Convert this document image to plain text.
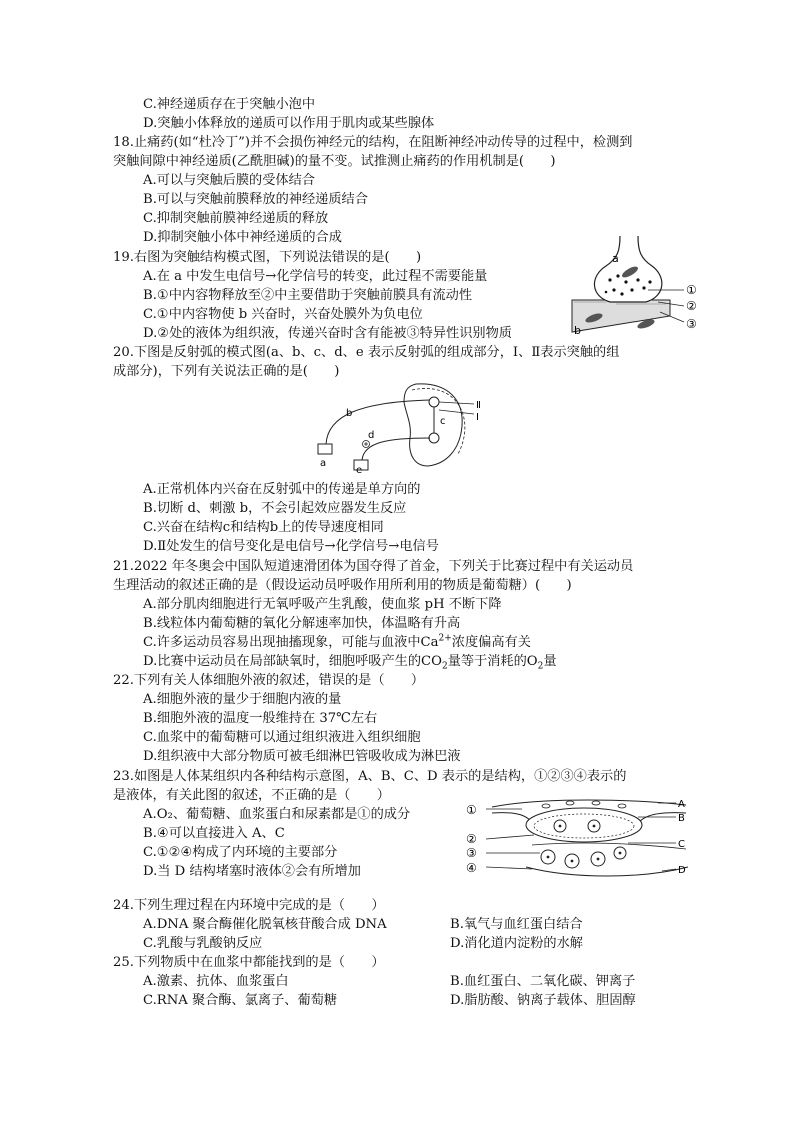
C.神经递质存在于突触小泡中
D.突触小体释放的递质可以作用于肌肉或某些腺体
18.止痛药(如“杜冷丁”)并不会损伤神经元的结构，在阻断神经冲动传导的过程中，检测到
突触间隙中神经递质(乙酰胆碱)的量不变。试推测止痛药的作用机制是(　　)
A.可以与突触后膜的受体结合
B.可以与突触前膜释放的神经递质结合
C.抑制突触前膜神经递质的释放
D.抑制突触小体中神经递质的合成
19.右图为突触结构模式图，下列说法错误的是(　　)
A.在 a 中发生电信号→化学信号的转变，此过程不需要能量
B.①中内容物释放至②中主要借助于突触前膜具有流动性
C.①中内容物使 b 兴奋时，兴奋处膜外为负电位
D.②处的液体为组织液，传递兴奋时含有能被③特异性识别物质
a
b
①
②
③
20.下图是反射弧的模式图(a、b、c、d、e 表示反射弧的组成部分，Ⅰ、Ⅱ表示突触的组
成部分)，下列有关说法正确的是(　　)
b
c
d
a
e
Ⅱ
Ⅰ
A.正常机体内兴奋在反射弧中的传递是单方向的
B.切断 d、刺激 b，不会引起效应器发生反应
C.兴奋在结构c和结构b上的传导速度相同
D.Ⅱ处发生的信号变化是电信号→化学信号→电信号
21.2022 年冬奥会中国队短道速滑团体为国夺得了首金，下列关于比赛过程中有关运动员
生理活动的叙述正确的是（假设运动员呼吸作用所利用的物质是葡萄糖）(　　)
A.部分肌肉细胞进行无氧呼吸产生乳酸，使血浆 pH 不断下降
B.线粒体内葡萄糖的氧化分解速率加快，体温略有升高
C.许多运动员容易出现抽搐现象，可能与血液中$Ca^{2+}$浓度偏高有关
D.比赛中运动员在局部缺氧时，细胞呼吸产生的$CO_2$量等于消耗的$O_2$量
22.下列有关人体细胞外液的叙述，错误的是（　　）
A.细胞外液的量少于细胞内液的量
B.细胞外液的温度一般维持在 37℃左右
C.血浆中的葡萄糖可以通过组织液进入组织细胞
D.组织液中大部分物质可被毛细淋巴管吸收成为淋巴液
23.如图是人体某组织内各种结构示意图，A、B、C、D 表示的是结构，①②③④表示的
是液体，有关此图的叙述，不正确的是（　　）
A.O₂、葡萄糖、血浆蛋白和尿素都是①的成分
B.④可以直接进入 A、C
C.①②④构成了内环境的主要部分
D.当 D 结构堵塞时液体②会有所增加
①
②
③
④
A
B
C
D
24.下列生理过程在内环境中完成的是（　　）
A.DNA 聚合酶催化脱氧核苷酸合成 DNA	B.氧气与血红蛋白结合
C.乳酸与乳酸钠反应	D.消化道内淀粉的水解
25.下列物质中在血浆中都能找到的是（　　）
A.激素、抗体、血浆蛋白	B.血红蛋白、二氧化碳、钾离子
C.RNA 聚合酶、氯离子、葡萄糖	D.脂肪酸、钠离子载体、胆固醇
